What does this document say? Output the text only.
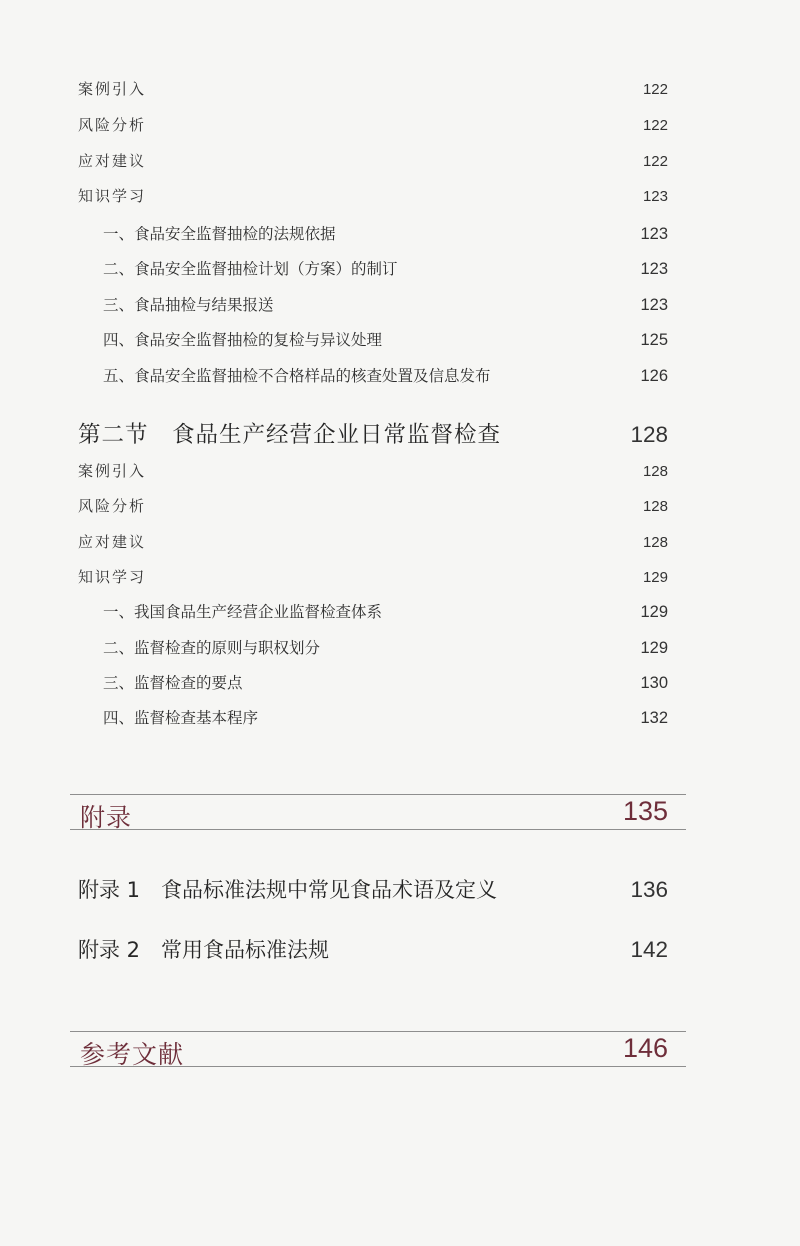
案例引入	122
风险分析	122
应对建议	122
知识学习	123
一、食品安全监督抽检的法规依据	123
二、食品安全监督抽检计划（方案）的制订	123
三、食品抽检与结果报送	123
四、食品安全监督抽检的复检与异议处理	125
五、食品安全监督抽检不合格样品的核查处置及信息发布	126
第二节　食品生产经营企业日常监督检查	128
案例引入	128
风险分析	128
应对建议	128
知识学习	129
一、我国食品生产经营企业监督检查体系	129
二、监督检查的原则与职权划分	129
三、监督检查的要点	130
四、监督检查基本程序	132
附录	135
附录 1　食品标准法规中常见食品术语及定义	136
附录 2　常用食品标准法规	142
参考文献	146
